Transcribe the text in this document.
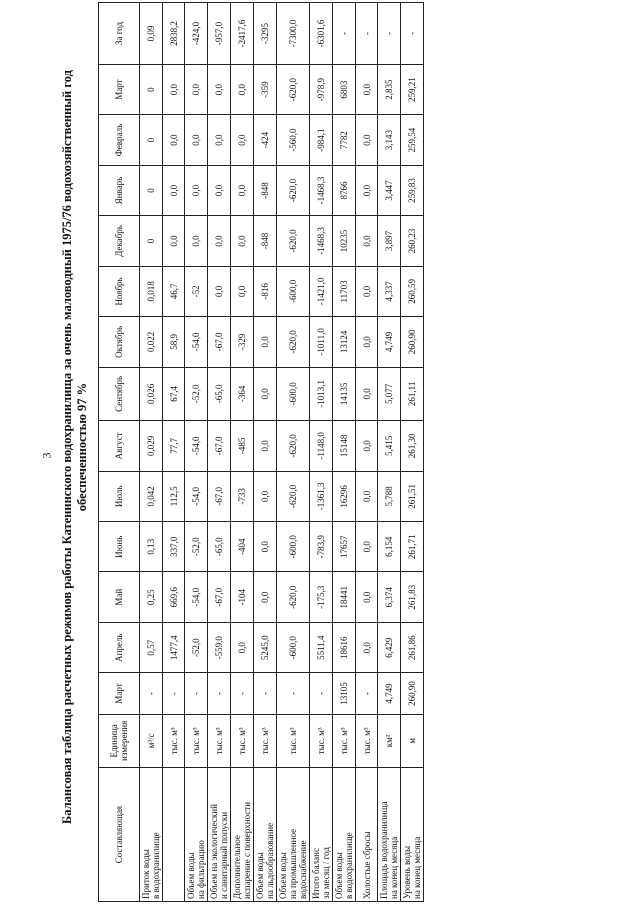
3 Балансовая таблица расчетных режимов работы Катенинского водохранилища за очень маловодный 1975/76 водохозяйственный год обеспеченностью 97 %
Составляющая	Единица измерения	Март	Апрель	Май	Июнь	Июль	Август	Сентябрь	Октябрь	Ноябрь	Декабрь	Январь	Февраль	Март	За год

Приток воды в водохранилище	м³/с	-	0,57	0,25	0,13	0,042	0,029	0,026	0,022	0,018	0	0	0	0	0,09

	тыс. м³	-	1477,4	669,6	337,0	112,5	77,7	67,4	58,9	46,7	0,0	0,0	0,0	0,0	2838,2

Объем воды на фильтрацию	тыс. м³	-	-52,0	-54,0	-52,0	-54,0	-54,0	-52,0	-54,0	-52	0,0	0,0	0,0	0,0	-424,0

Объем на экологический и санитарный попуски	тыс. м³	-	-559,0	-67,0	-65,0	-67,0	-67,0	-65,0	-67,0	0,0	0,0	0,0	0,0	0,0	-957,0

Дополнительное испарение с поверхности	тыс. м³	-	0,0	-104	-404	-733	-485	-364	-329	0,0	0,0	0,0	0,0	0,0	-2417,6

Объем воды на льдообразование	тыс. м³	-	5245,0	0,0	0,0	0,0	0,0	0,0	0,0	-816	-848	-848	-424	-359	-3295

Объем воды на промышленное водоснабжение	тыс. м³	-	-600,0	-620,0	-600,0	-620,0	-620,0	-600,0	-620,0	-600,0	-620,0	-620,0	-560,0	-620,0	-7300,0

Итого баланс за месяц / год	тыс. м³	-	5511,4	-175,3	-783,9	-1361,3	-1148,0	-1013,1	-1011,0	-1421,0	-1468,3	-1468,3	-984,1	-978,9	-6301,6

Объем воды в водохранилище	тыс. м³	13105	18616	18441	17657	16296	15148	14135	13124	11703	10235	8766	7782	6803	-

Холостые сбросы	тыс. м³	-	0,0	0,0	0,0	0,0	0,0	0,0	0,0	0,0	0,0	0,0	0,0	0,0	-

Площадь водохранилища на конец месяца	км²	4,749	6,429	6,374	6,154	5,788	5,415	5,077	4,749	4,337	3,897	3,447	3,143	2,835	-

Уровень воды на конец месяца	м	260,90	261,86	261,83	261,71	261,51	261,30	261,11	260,90	260,59	260,23	259,83	259,54	259,21	-
